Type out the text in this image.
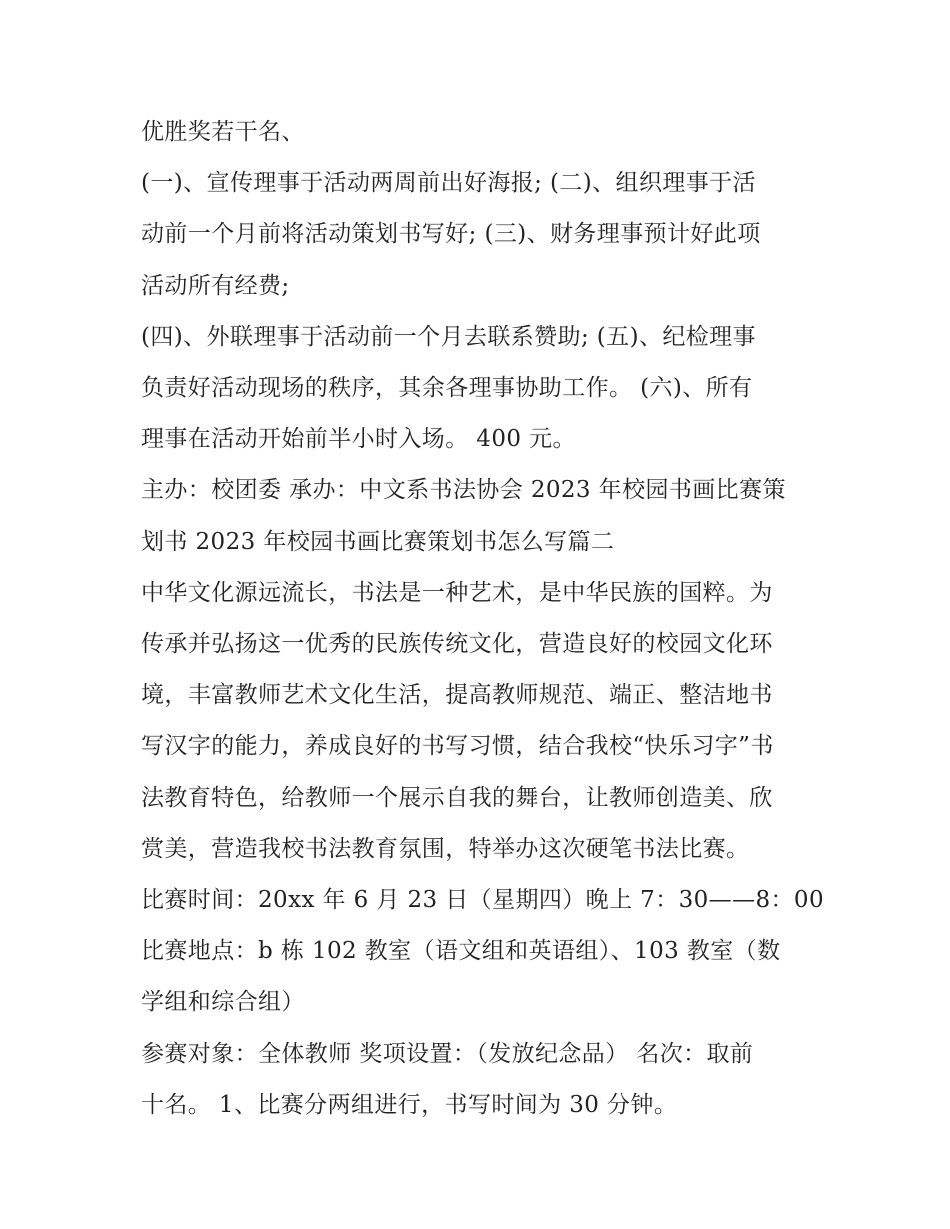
优胜奖若干名、

(一)、宣传理事于活动两周前出好海报; (二)、组织理事于活

动前一个月前将活动策划书写好; (三)、财务理事预计好此项

活动所有经费;

(四)、外联理事于活动前一个月去联系赞助; (五)、纪检理事

负责好活动现场的秩序，其余各理事协助工作。 (六)、所有

理事在活动开始前半小时入场。 400 元。

主办：校团委 承办：中文系书法协会 2023 年校园书画比赛策

划书 2023 年校园书画比赛策划书怎么写篇二

中华文化源远流长，书法是一种艺术，是中华民族的国粹。为

传承并弘扬这一优秀的民族传统文化，营造良好的校园文化环

境，丰富教师艺术文化生活，提高教师规范、端正、整洁地书

写汉字的能力，养成良好的书写习惯，结合我校“快乐习字”书

法教育特色，给教师一个展示自我的舞台，让教师创造美、欣

赏美，营造我校书法教育氛围，特举办这次硬笔书法比赛。

比赛时间：20xx 年 6 月 23 日（星期四）晚上 7：30——8：00

比赛地点：b 栋 102 教室（语文组和英语组）、103 教室（数

学组和综合组）

参赛对象：全体教师 奖项设置：（发放纪念品） 名次：取前

十名。 1、比赛分两组进行，书写时间为 30 分钟。
